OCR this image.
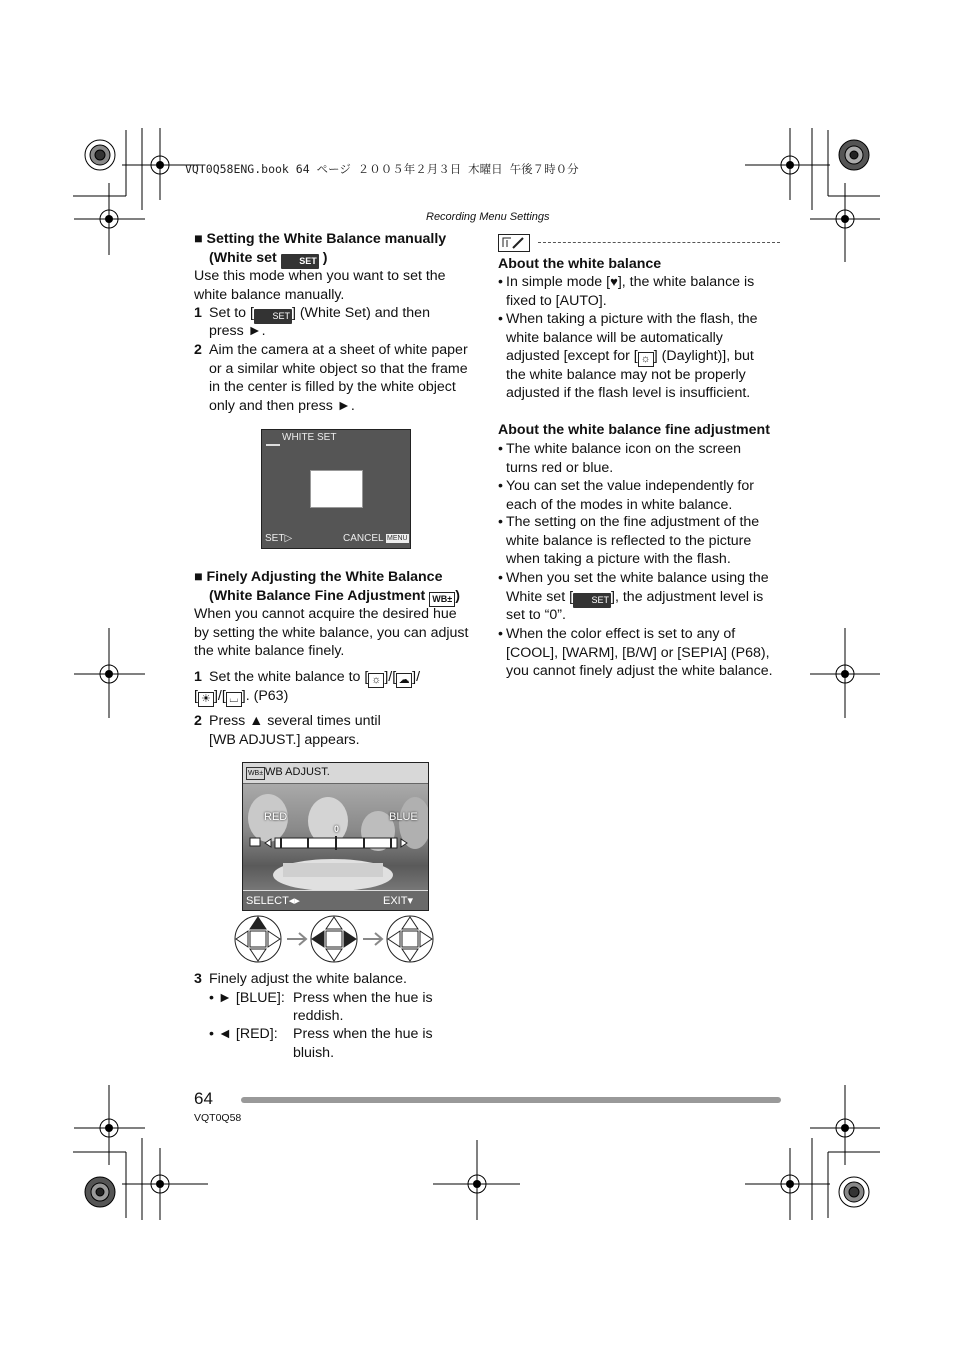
VQT0Q58ENG.book 64 ページ ２００５年２月３日 木曜日 午後７時０分
Recording Menu Settings
■ Setting the White Balance manually
(White set SET )
Use this mode when you want to set the
white balance manually.
1 Set to [ SET ] (White Set) and then
press ►.
2 Aim the camera at a sheet of white paper
or a similar white object so that the frame
in the center is filled by the white object
only and then press ►.
WHITE SET
SET▷	CANCEL MENU
■ Finely Adjusting the White Balance
(White Balance Fine Adjustment WB± )
When you cannot acquire the desired hue
by setting the white balance, you can adjust
the white balance finely.
1 Set the white balance to [ ☼ ]/[ ☁ ]/
[ ☀ ]/[ ⌴ ]. (P63)
2 Press ▲ several times until
[WB ADJUST.] appears.
WB± WB ADJUST.
RED	BLUE
0
SELECT◂▸	EXIT▾
3 Finely adjust the white balance.
• ► [BLUE]: Press when the hue is
reddish.
• ◄ [RED]: Press when the hue is
bluish.
About the white balance
• In simple mode [♥], the white balance is
fixed to [AUTO].
• When taking a picture with the flash, the
white balance will be automatically
adjusted [except for [ ☼ ] (Daylight)], but
the white balance may not be properly
adjusted if the flash level is insufficient.
About the white balance fine adjustment
• The white balance icon on the screen
turns red or blue.
• You can set the value independently for
each of the modes in white balance.
• The setting on the fine adjustment of the
white balance is reflected to the picture
when taking a picture with the flash.
• When you set the white balance using the
White set [ SET ], the adjustment level is
set to “0”.
• When the color effect is set to any of
[COOL], [WARM], [B/W] or [SEPIA] (P68),
you cannot finely adjust the white balance.
64
VQT0Q58
